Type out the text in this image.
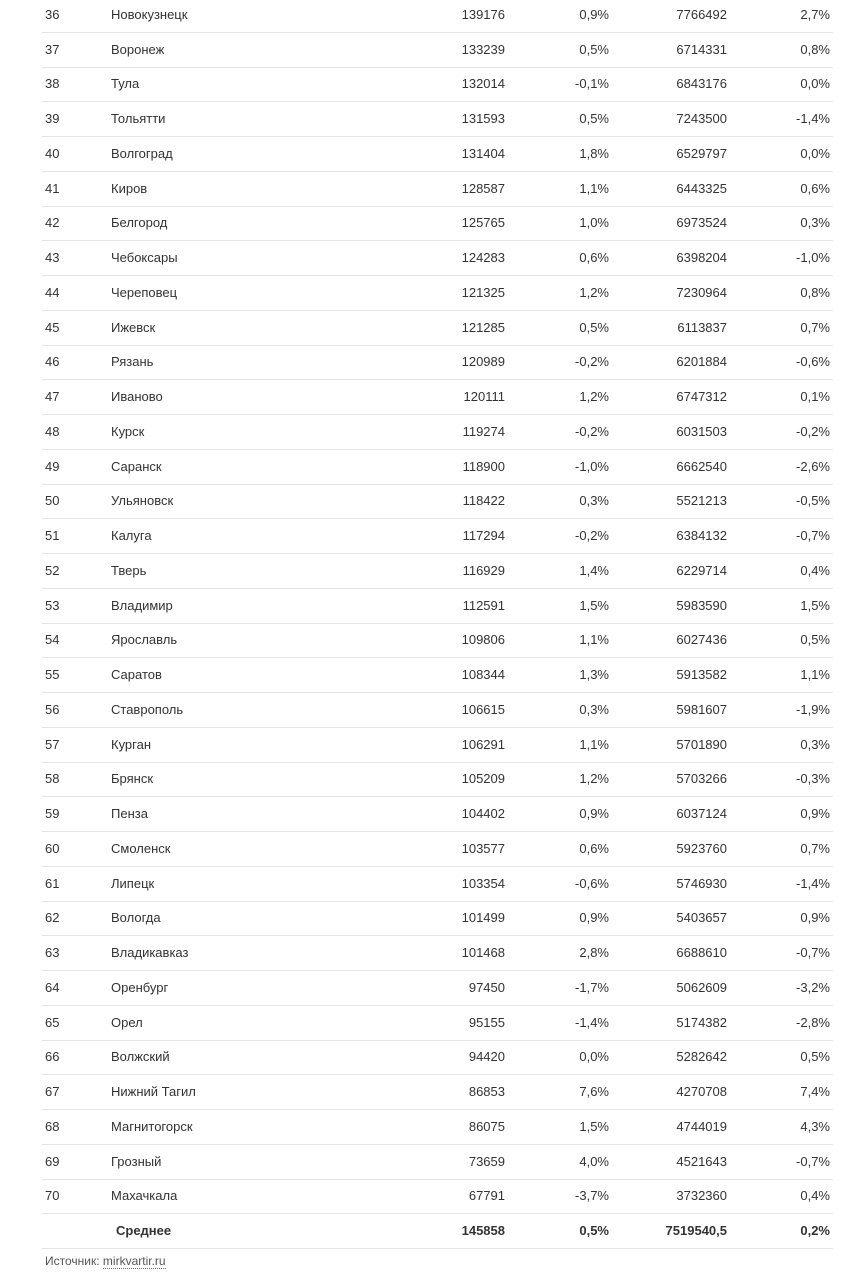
36	Новокузнецк	139176	0,9%	7766492	2,7%
37	Воронеж	133239	0,5%	6714331	0,8%
38	Тула	132014	-0,1%	6843176	0,0%
39	Тольятти	131593	0,5%	7243500	-1,4%
40	Волгоград	131404	1,8%	6529797	0,0%
41	Киров	128587	1,1%	6443325	0,6%
42	Белгород	125765	1,0%	6973524	0,3%
43	Чебоксары	124283	0,6%	6398204	-1,0%
44	Череповец	121325	1,2%	7230964	0,8%
45	Ижевск	121285	0,5%	6113837	0,7%
46	Рязань	120989	-0,2%	6201884	-0,6%
47	Иваново	120111	1,2%	6747312	0,1%
48	Курск	119274	-0,2%	6031503	-0,2%
49	Саранск	118900	-1,0%	6662540	-2,6%
50	Ульяновск	118422	0,3%	5521213	-0,5%
51	Калуга	117294	-0,2%	6384132	-0,7%
52	Тверь	116929	1,4%	6229714	0,4%
53	Владимир	112591	1,5%	5983590	1,5%
54	Ярославль	109806	1,1%	6027436	0,5%
55	Саратов	108344	1,3%	5913582	1,1%
56	Ставрополь	106615	0,3%	5981607	-1,9%
57	Курган	106291	1,1%	5701890	0,3%
58	Брянск	105209	1,2%	5703266	-0,3%
59	Пенза	104402	0,9%	6037124	0,9%
60	Смоленск	103577	0,6%	5923760	0,7%
61	Липецк	103354	-0,6%	5746930	-1,4%
62	Вологда	101499	0,9%	5403657	0,9%
63	Владикавказ	101468	2,8%	6688610	-0,7%
64	Оренбург	97450	-1,7%	5062609	-3,2%
65	Орел	95155	-1,4%	5174382	-2,8%
66	Волжский	94420	0,0%	5282642	0,5%
67	Нижний Тагил	86853	7,6%	4270708	7,4%
68	Магнитогорск	86075	1,5%	4744019	4,3%
69	Грозный	73659	4,0%	4521643	-0,7%
70	Махачкала	67791	-3,7%	3732360	0,4%
	Среднее	145858	0,5%	7519540,5	0,2%
Источник: mirkvartir.ru
